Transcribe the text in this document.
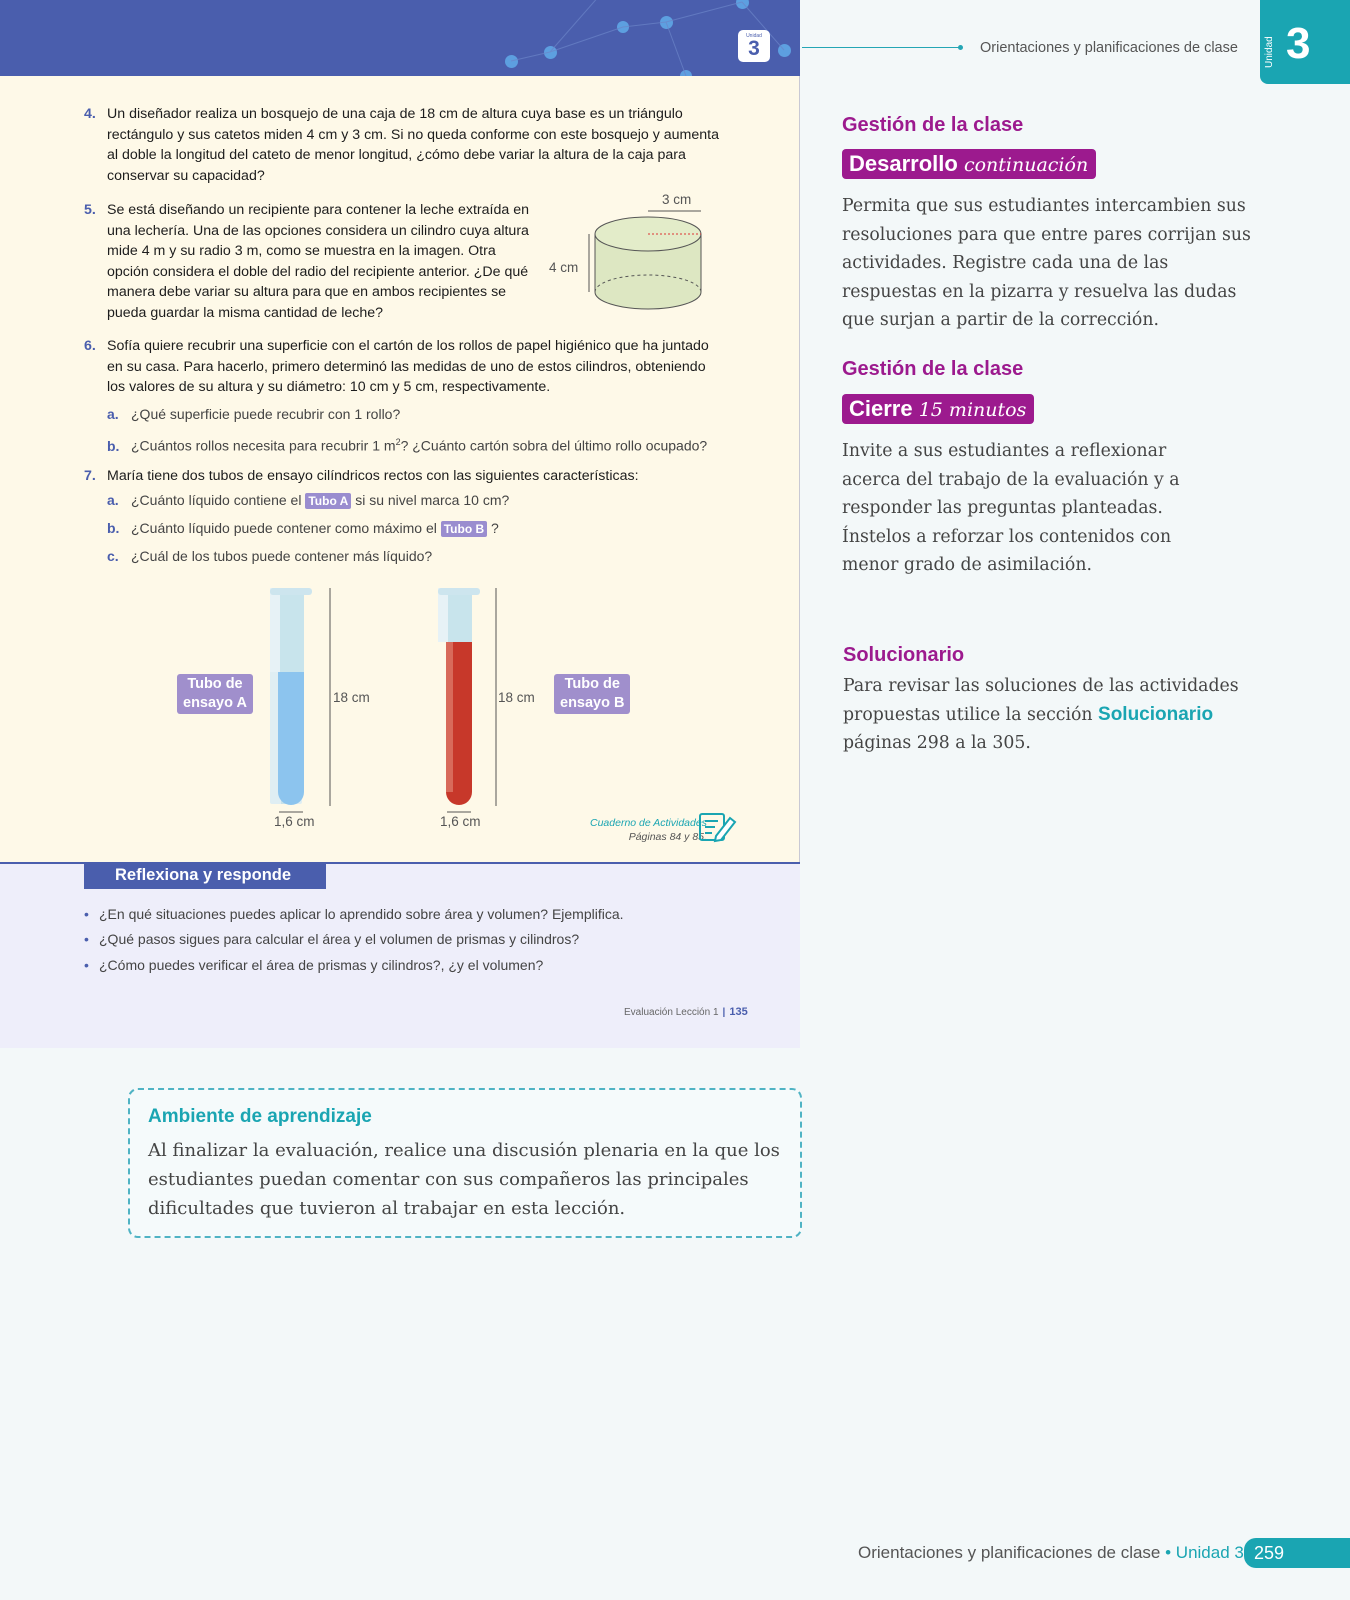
Unidad
3
4. Un diseñador realiza un bosquejo de una caja de 18 cm de altura cuya base es un triángulo rectángulo y sus catetos miden 4 cm y 3 cm. Si no queda conforme con este bosquejo y aumenta al doble la longitud del cateto de menor longitud, ¿cómo debe variar la altura de la caja para conservar su capacidad?
5. Se está diseñando un recipiente para contener la leche extraída en una lechería. Una de las opciones considera un cilindro cuya altura mide 4 m y su radio 3 m, como se muestra en la imagen. Otra opción considera el doble del radio del recipiente anterior. ¿De qué manera debe variar su altura para que en ambos recipientes se pueda guardar la misma cantidad de leche?
3 cm
4 cm
6. Sofía quiere recubrir una superficie con el cartón de los rollos de papel higiénico que ha juntado en su casa. Para hacerlo, primero determinó las medidas de uno de estos cilindros, obteniendo los valores de su altura y su diámetro: 10 cm y 5 cm, respectivamente.
a. ¿Qué superficie puede recubrir con 1 rollo?
b. ¿Cuántos rollos necesita para recubrir 1 $m^2$? ¿Cuánto cartón sobra del último rollo ocupado?
7. María tiene dos tubos de ensayo cilíndricos rectos con las siguientes características:
a. ¿Cuánto líquido contiene el Tubo A si su nivel marca 10 cm?
b. ¿Cuánto líquido puede contener como máximo el Tubo B ?
c. ¿Cuál de los tubos puede contener más líquido?
Tubo de
ensayo A
Tubo de
ensayo B
18 cm	18 cm
1,6 cm	1,6 cm	Cuaderno de Actividades
Páginas 84 y 85.
Reflexiona y responde
• ¿En qué situaciones puedes aplicar lo aprendido sobre área y volumen? Ejemplifica.
• ¿Qué pasos sigues para calcular el área y el volumen de prismas y cilindros?
• ¿Cómo puedes verificar el área de prismas y cilindros?, ¿y el volumen?
Evaluación Lección 1 | 135
Orientaciones y planificaciones de clase	Unidad 3
Gestión de la clase
Desarrollo continuación
Permita que sus estudiantes intercambien sus resoluciones para que entre pares corrijan sus actividades. Registre cada una de las respuestas en la pizarra y resuelva las dudas que surjan a partir de la corrección.
Gestión de la clase
Cierre 15 minutos
Invite a sus estudiantes a reflexionar acerca del trabajo de la evaluación y a responder las preguntas planteadas. Ínstelos a reforzar los contenidos con menor grado de asimilación.
Solucionario
Para revisar las soluciones de las actividades propuestas utilice la sección Solucionario páginas 298 a la 305.
Ambiente de aprendizaje
Al finalizar la evaluación, realice una discusión plenaria en la que los estudiantes puedan comentar con sus compañeros las principales dificultades que tuvieron al trabajar en esta lección.
Orientaciones y planificaciones de clase • Unidad 3 259
